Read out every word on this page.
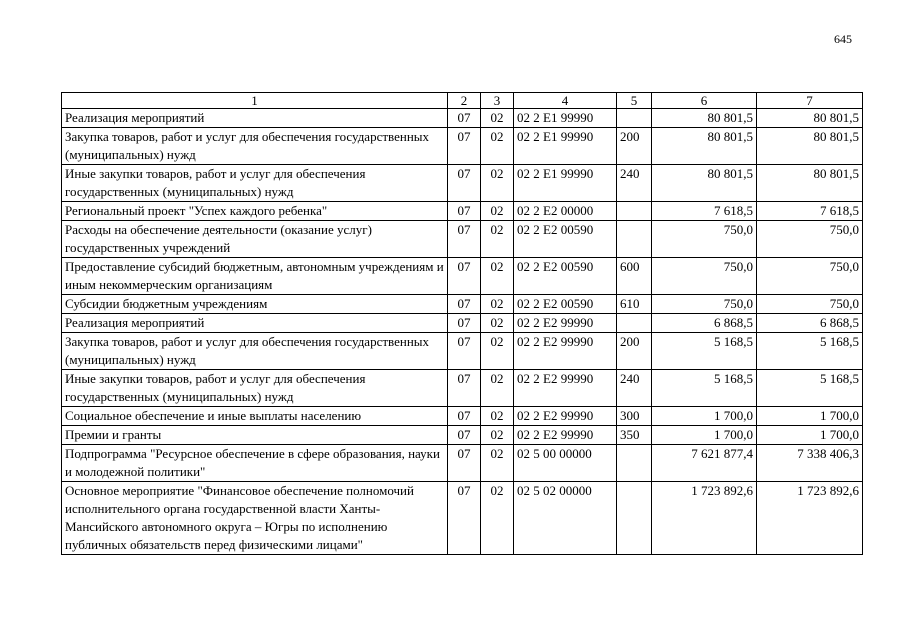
645
1	2	3	4	5	6	7
Реализация мероприятий	07	02	02 2 Е1 99990		80 801,5	80 801,5
Закупка товаров, работ и услуг для обеспечения государственных (муниципальных) нужд	07	02	02 2 Е1 99990	200	80 801,5	80 801,5
Иные закупки товаров, работ и услуг для обеспечения государственных (муниципальных) нужд	07	02	02 2 Е1 99990	240	80 801,5	80 801,5
Региональный проект "Успех каждого ребенка"	07	02	02 2 Е2 00000		7 618,5	7 618,5
Расходы на обеспечение деятельности (оказание услуг) государственных учреждений	07	02	02 2 Е2 00590		750,0	750,0
Предоставление субсидий бюджетным, автономным учреждениям и иным некоммерческим организациям	07	02	02 2 Е2 00590	600	750,0	750,0
Субсидии бюджетным учреждениям	07	02	02 2 Е2 00590	610	750,0	750,0
Реализация мероприятий	07	02	02 2 Е2 99990		6 868,5	6 868,5
Закупка товаров, работ и услуг для обеспечения государственных (муниципальных) нужд	07	02	02 2 Е2 99990	200	5 168,5	5 168,5
Иные закупки товаров, работ и услуг для обеспечения государственных (муниципальных) нужд	07	02	02 2 Е2 99990	240	5 168,5	5 168,5
Социальное обеспечение и иные выплаты населению	07	02	02 2 Е2 99990	300	1 700,0	1 700,0
Премии и гранты	07	02	02 2 Е2 99990	350	1 700,0	1 700,0
Подпрограмма "Ресурсное обеспечение в сфере образования, науки и молодежной политики"	07	02	02 5 00 00000		7 621 877,4	7 338 406,3
Основное мероприятие "Финансовое обеспечение полномочий исполнительного органа государственной власти Ханты-Мансийского автономного округа – Югры по исполнению публичных обязательств перед физическими лицами"	07	02	02 5 02 00000		1 723 892,6	1 723 892,6
